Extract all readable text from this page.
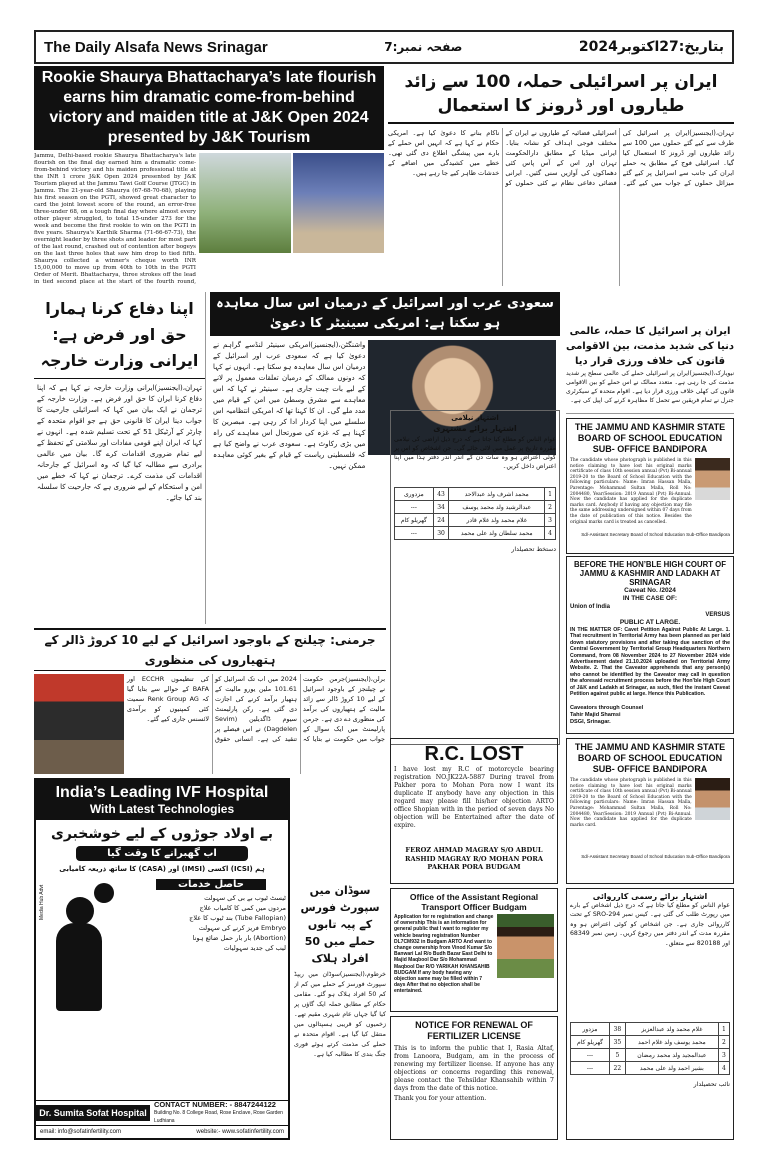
The Daily Alsafa News Srinagar	صفحہ نمبر:7	بتاریخ:27اکتوبر2024
Rookie Shaurya Bhattacharya’s late flourish earns him dramatic come-from-behind victory and maiden title at J&K Open 2024 presented by J&K Tourism
Jammu, Delhi-based rookie Shaurya Bhattacharya's late flourish on the final day earned him a dramatic come-from-behind victory and his maiden professional title at the INR 1 crore J&K Open 2024 presented by J&K Tourism played at the Jammu Tawi Golf Course (JTGC) in Jammu. The 21-year-old Shaurya (67-68-70-68), playing his first season on the PGTI, showed great character to card the joint lowest score of the round, an error-free three-under 68, on a tough final day where almost every other player struggled, to total 15-under 273 for the week and become the first rookie to win on the PGTI in five years. Shaurya's Karthik Sharma (71-66-67-73), the overnight leader by three shots and leader for most part of the last round, crashed out of contention after bogeys on the last three holes that saw him drop to tied fifth. Shaurya collected a winner's cheque worth INR 15,00,000 to move up from 40th to 10th in the PGTI Order of Merit. Bhattacharya, three strokes off the lead in tied second place at the start of the fourth round,
ایران پر اسرائیلی حملہ، 100 سے زائد طیاروں اور ڈرونز کا استعمال
تہران،(ایجنسیز)ایران پر اسرائیل کی طرف سے کیے گئے حملوں میں 100 سے زائد طیاروں اور ڈرونز کا استعمال کیا گیا۔ اسرائیلی فوج کے مطابق یہ حملے ایران کی جانب سے اسرائیل پر کیے گئے میزائل حملوں کے جواب میں کیے گئے۔ اسرائیلی فضائیہ کے طیاروں نے ایران کے مختلف فوجی اہداف کو نشانہ بنایا۔ ایرانی میڈیا کے مطابق دارالحکومت تہران اور اس کے آس پاس کئی دھماکوں کی آوازیں سنی گئیں۔ ایرانی فضائی دفاعی نظام نے کئی حملوں کو ناکام بنانے کا دعویٰ کیا ہے۔ امریکی حکام نے کہا ہے کہ انہیں اس حملے کے بارے میں پیشگی اطلاع دی گئی تھی۔ خطے میں کشیدگی میں اضافے کے خدشات ظاہر کیے جا رہے ہیں۔
اپنا دفاع کرنا ہمارا حق اور فرض ہے: ایرانی وزارت خارجہ
تہران،(ایجنسیز)ایرانی وزارت خارجہ نے کہا ہے کہ اپنا دفاع کرنا ایران کا حق اور فرض ہے۔ وزارت خارجہ کے ترجمان نے ایک بیان میں کہا کہ اسرائیلی جارحیت کا جواب دینا ایران کا قانونی حق ہے جو اقوام متحدہ کے چارٹر کے آرٹیکل 51 کے تحت تسلیم شدہ ہے۔ انہوں نے کہا کہ ایران اپنے قومی مفادات اور سلامتی کے تحفظ کے لیے تمام ضروری اقدامات کرے گا۔ بیان میں عالمی برادری سے مطالبہ کیا گیا کہ وہ اسرائیل کے جارحانہ اقدامات کی مذمت کرے۔ ترجمان نے کہا کہ خطے میں امن و استحکام کے لیے ضروری ہے کہ جارحیت کا سلسلہ بند کیا جائے۔
سعودی عرب اور اسرائیل کے درمیان اس سال معاہدہ ہو سکتا ہے: امریکی سینیٹر کا دعویٰ
واشنگٹن،(ایجنسیز)امریکی سینیٹر لنڈسے گراہم نے دعویٰ کیا ہے کہ سعودی عرب اور اسرائیل کے درمیان اس سال معاہدہ ہو سکتا ہے۔ انہوں نے کہا کہ دونوں ممالک کے درمیان تعلقات معمول پر لانے کے لیے بات چیت جاری ہے۔ سینیٹر نے کہا کہ اس معاہدے سے مشرق وسطیٰ میں امن کے قیام میں مدد ملے گی۔ ان کا کہنا تھا کہ امریکی انتظامیہ اس سلسلے میں اپنا کردار ادا کر رہی ہے۔ مبصرین کا کہنا ہے کہ غزہ کی صورتحال اس معاہدے کی راہ میں بڑی رکاوٹ ہے۔ سعودی عرب نے واضح کیا ہے کہ فلسطینی ریاست کے قیام کے بغیر کوئی معاہدہ ممکن نہیں۔
اشتہار نیلامی
اشتہار برائے مشتہری
عوام الناس کو مطلع کیا جاتا ہے کہ درج ذیل اراضی کی نیلامی مقررہ تاریخ پر عمل میں لائی جائے گی۔ جن اشخاص کو اس پر کوئی اعتراض ہو وہ سات دن کے اندر اندر دفتر ہذا میں اپنا اعتراض داخل کریں۔
1	محمد اشرف ولد عبدالاحد	43	مزدوری
2	عبدالرشید ولد محمد یوسف	34	---
3	غلام محمد ولد غلام قادر	24	گھریلو کام
4	محمد سلطان ولد علی محمد	30	---
دستخط تحصیلدار
ایران پر اسرائیل کا حملہ، عالمی دنیا کی شدید مذمت، بین الاقوامی قانون کی خلاف ورزی قرار دیا
نیویارک،(ایجنسیز)ایران پر اسرائیلی حملے کی عالمی سطح پر شدید مذمت کی جا رہی ہے۔ متعدد ممالک نے اس حملے کو بین الاقوامی قانون کی کھلی خلاف ورزی قرار دیا ہے۔ اقوام متحدہ کے سیکرٹری جنرل نے تمام فریقین سے تحمل کا مظاہرہ کرنے کی اپیل کی ہے۔
THE JAMMU AND KASHMIR STATE BOARD OF SCHOOL EDUCATION SUB- OFFICE BANDIPORA
The candidate whose photograph is published in this notice claiming to have lost his original marks certificate of class 10th session annual (Pvt) Bi-annual 2019-20 to the Board of School Education with the following particulars: Name: Imran Hassan Malla, Parentage: Mohammad Sultan Malla, Roll No: 2004480, Year/Session: 2019 Annual (Pvt) Bi-Annual. Now the candidate has applied for the duplicate marks card. Anybody if having any objection may file the same addressing undersigned within 07 days from the date of publication of this notice. Besides the original marks card is treated as cancelled.
Sd/-Assistant Secretary Board of School Education Sub-Office Bandipora
BEFORE THE HON’BLE HIGH COURT OF JAMMU & KASHMIR AND LADAKH AT SRINAGAR
Caveat No. /2024
IN THE CASE OF:
Union of India
VERSUS
PUBLIC AT LARGE.
IN THE MATTER OF: Cavet Petition Against Public At Large. 1. That recruitment in Territorial Army has been planned as per laid down statutory provisions and after taking due sanction of the Central Government by Territorial Group Headquarters Northern Command, from 08 November 2024 to 27 November 2024 vide Advertisement dated 21.10.2024 uploaded on Territorial Army Website. 2. That the Caveator apprehends that any person(s) who cannot be identified by the Caveator may call in question the aforesaid recruitment process before the Hon’ble High Court of J&K and Ladakh at Srinagar, as such, filed the instant Caveat Petition against public at large. Hence this Publication.
Caveators through Counsel
Tahir Majid Shamsi
DSGI, Srinagar.
جرمنی: چیلنج کے باوجود اسرائیل کے لیے 10 کروڑ ڈالر کے ہتھیاروں کی منظوری
برلن،(ایجنسیز)جرمن حکومت نے چیلنجز کے باوجود اسرائیل کے لیے 10 کروڑ ڈالر سے زائد مالیت کے ہتھیاروں کی برآمد کی منظوری دے دی ہے۔ جرمن پارلیمنٹ میں ایک سوال کے جواب میں حکومت نے بتایا کہ 2024 میں اب تک اسرائیل کو 101.61 ملین یورو مالیت کے ہتھیار برآمد کرنے کی اجازت دی گئی ہے۔ رکن پارلیمنٹ سیوم ڈاگدیلین (Sevim Dagdelen) نے اس فیصلے پر تنقید کی ہے۔ انسانی حقوق کی تنظیموں ECCHR اور BAFA کے حوالے سے بتایا گیا کہ Renk Group AG سمیت کئی کمپنیوں کو برآمدی لائسنس جاری کیے گئے۔
India’s Leading IVF Hospital
With Latest Technologies
بے اولاد جوڑوں کے لیے خوشخبری
اب گھبرانے کا وقت گیا
ہم (ICSI) اکسی (IMSI) اور (CASA) کا ساتھ ذریعہ کامیابی
حاصل خدمات
ٹیسٹ ٹیوب بے بی کی سہولت
مردوں میں کمی کا کامیاب علاج
(Tube Fallopian) بند ٹیوب کا علاج
Embryo فریز کرنے کی سہولت
(Abortion) بار بار حمل ضائع ہونا
لیب کی جدید سہولیات
Dr. Sumita Sofat Hospital
CONTACT NUMBER: - 8847244122
Building No. 8 College Road, Rose Enclave, Rose Garden Ludhiana
email: info@sofatinfertility.com	website:- www.sofatinfertility.com
Media Hub Advt	سوڈان میں سپورٹ فورس کے پیہ تابوں حملے میں 50 افراد ہلاک
خرطوم،(ایجنسیز)سوڈان میں ریپڈ سپورٹ فورسز کے حملے میں کم از کم 50 افراد ہلاک ہو گئے۔ مقامی حکام کے مطابق حملہ ایک گاؤں پر کیا گیا جہاں عام شہری مقیم تھے۔ زخمیوں کو قریبی ہسپتالوں میں منتقل کیا گیا ہے۔ اقوام متحدہ نے حملے کی مذمت کرتے ہوئے فوری جنگ بندی کا مطالبہ کیا ہے۔
R.C. LOST
I have lost my R.C of motorcycle bearing registration NO.JK22A-5887 During travel from Pakher pora to Mohan Pora now I want its duplicate If anybody have any objection in this regard may please fill his/her objection ARTO office Shopian with in the period of seven days No objection will be Entertained after the date of expire.
FEROZ AHMAD MAGRAY S/O ABDUL RASHID MAGRAY R/O MOHAN PORA PAKHAR PORA BUDGAM
Office of the Assistant Regional Transport Officer Budgam
Application for re registration and change of ownership This is an information for general public that I want to register my vehicle bearing registration Number DL7CM932 in Budgam ARTO And want to change ownership from Vinod Kumar S/o Banwari Lal R/o Budh Bazar East Delhi to Majid Maqbool Dar S/o Mohammad Maqbool Dar R/O YARIKAH KHANSAHIB BUDGAM If any body having any objection same may be filled within 7 days After that no objection shall be entertained.
NOTICE FOR RENEWAL OF FERTILIZER LICENSE
This is to inform the public that I, Rasia Altaf, from Lanoora, Budgam, am in the process of renewing my fertilizer license. If anyone has any objections or concerns regarding this renewal, please contact the Tehsildar Khansahib within 7 days from the date of this notice.
Thank you for your attention.
THE JAMMU AND KASHMIR STATE BOARD OF SCHOOL EDUCATION SUB- OFFICE BANDIPORA
The candidate whose photograph is published in this notice claiming to have lost his original marks certificate of class 10th session annual (Pvt) Bi-annual 2019-20 to the Board of School Education with the following particulars: Name: Imran Hassan Malla, Parentage: Mohammad Sultan Malla, Roll No: 2004480, Year/Session: 2019 Annual (Pvt) Bi-Annual. Now the candidate has applied for the duplicate marks card.
Sd/-Assistant Secretary Board of School Education Sub-Office Bandipora
اشتہار برائے رسمی کارروائی
عوام الناس کو مطلع کیا جاتا ہے کہ درج ذیل اشخاص کے بارے میں رپورٹ طلب کی گئی ہے۔ کیس نمبر SRO-294 کے تحت کارروائی جاری ہے۔ جن اشخاص کو کوئی اعتراض ہو وہ مقررہ مدت کے اندر دفتر میں رجوع کریں۔ زمین نمبر 68349 اور 820188 سے متعلق۔
1	غلام محمد ولد عبدالعزیز	38	مزدور
2	محمد یوسف ولد غلام احمد	35	گھریلو کام
3	عبدالمجید ولد محمد رمضان	5	---
4	بشیر احمد ولد علی محمد	22	---
نائب تحصیلدار
